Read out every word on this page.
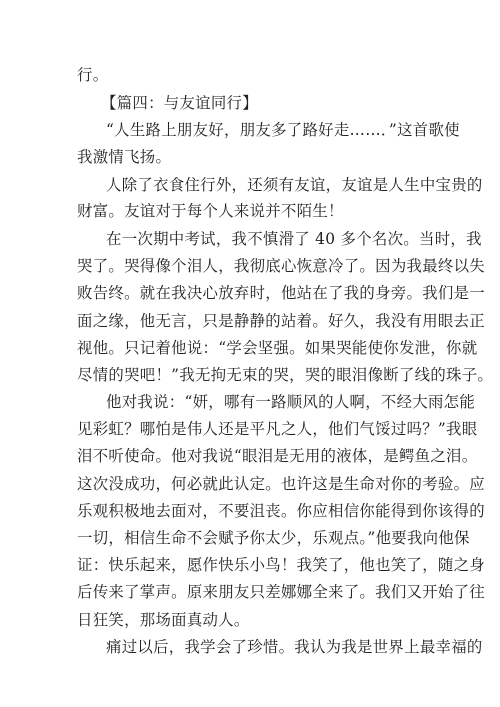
行。

【篇四：与友谊同行】

“人生路上朋友好，朋友多了路好走……．”这首歌使

我激情飞扬。

人除了衣食住行外，还须有友谊，友谊是人生中宝贵的

财富。友谊对于每个人来说并不陌生！

在一次期中考试，我不慎滑了 40 多个名次。当时，我

哭了。哭得像个泪人，我彻底心恢意冷了。因为我最终以失

败告终。就在我决心放弃时，他站在了我的身旁。我们是一

面之缘，他无言，只是静静的站着。好久，我没有用眼去正

视他。只记着他说：“学会坚强。如果哭能使你发泄，你就

尽情的哭吧！”我无拘无束的哭，哭的眼泪像断了线的珠子。

他对我说：“妍，哪有一路顺风的人啊，不经大雨怎能

见彩虹？哪怕是伟人还是平凡之人，他们气馁过吗？”我眼

泪不听使命。他对我说“眼泪是无用的液体，是鳄鱼之泪。

这次没成功，何必就此认定。也许这是生命对你的考验。应

乐观积极地去面对，不要沮丧。你应相信你能得到你该得的

一切，相信生命不会赋予你太少，乐观点。”他要我向他保

证：快乐起来，愿作快乐小鸟！我笑了，他也笑了，随之身

后传来了掌声。原来朋友只差娜娜全来了。我们又开始了往

日狂笑，那场面真动人。

痛过以后，我学会了珍惜。我认为我是世界上最幸福的
